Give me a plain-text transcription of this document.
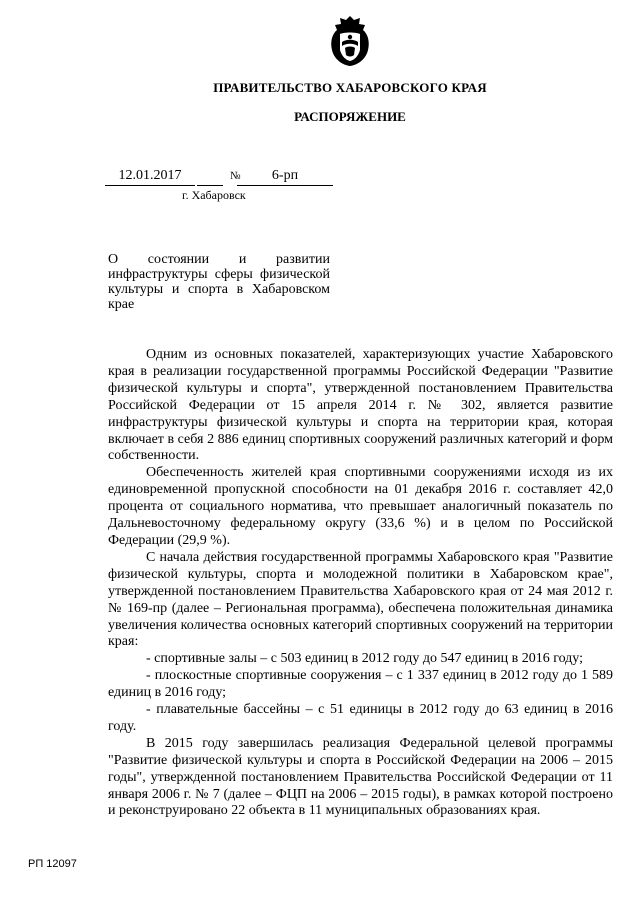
ПРАВИТЕЛЬСТВО ХАБАРОВСКОГО КРАЯ
РАСПОРЯЖЕНИЕ
12.01.2017	№	6-рп
г. Хабаровск
О состоянии и развитии инфраструктуры сферы физической культуры и спорта в Хабаровском крае

Одним из основных показателей, характеризующих участие Хабаровского края в реализации государственной программы Российской Федерации "Развитие физической культуры и спорта", утвержденной постановлением Правительства Российской Федерации от 15 апреля 2014 г. № 302, является развитие инфраструктуры физической культуры и спорта на территории края, которая включает в себя 2 886 единиц спортивных сооружений различных категорий и форм собственности.

Обеспеченность жителей края спортивными сооружениями исходя из их единовременной пропускной способности на 01 декабря 2016 г. составляет 42,0 процента от социального норматива, что превышает аналогичный показатель по Дальневосточному федеральному округу (33,6 %) и в целом по Российской Федерации (29,9 %).

С начала действия государственной программы Хабаровского края "Развитие физической культуры, спорта и молодежной политики в Хабаровском крае", утвержденной постановлением Правительства Хабаровского края от 24 мая 2012 г. № 169-пр (далее – Региональная программа), обеспечена положительная динамика увеличения количества основных категорий спортивных сооружений на территории края:

- спортивные залы – с 503 единиц в 2012 году до 547 единиц в 2016 году;

- плоскостные спортивные сооружения – с 1 337 единиц в 2012 году до 1 589 единиц в 2016 году;

- плавательные бассейны – с 51 единицы в 2012 году до 63 единиц в 2016 году.

В 2015 году завершилась реализация Федеральной целевой программы "Развитие физической культуры и спорта в Российской Федерации на 2006 – 2015 годы", утвержденной постановлением Правительства Российской Федерации от 11 января 2006 г. № 7 (далее – ФЦП на 2006 – 2015 годы), в рамках которой построено и реконструировано 22 объекта в 11 муниципальных образованиях края.

РП 12097
